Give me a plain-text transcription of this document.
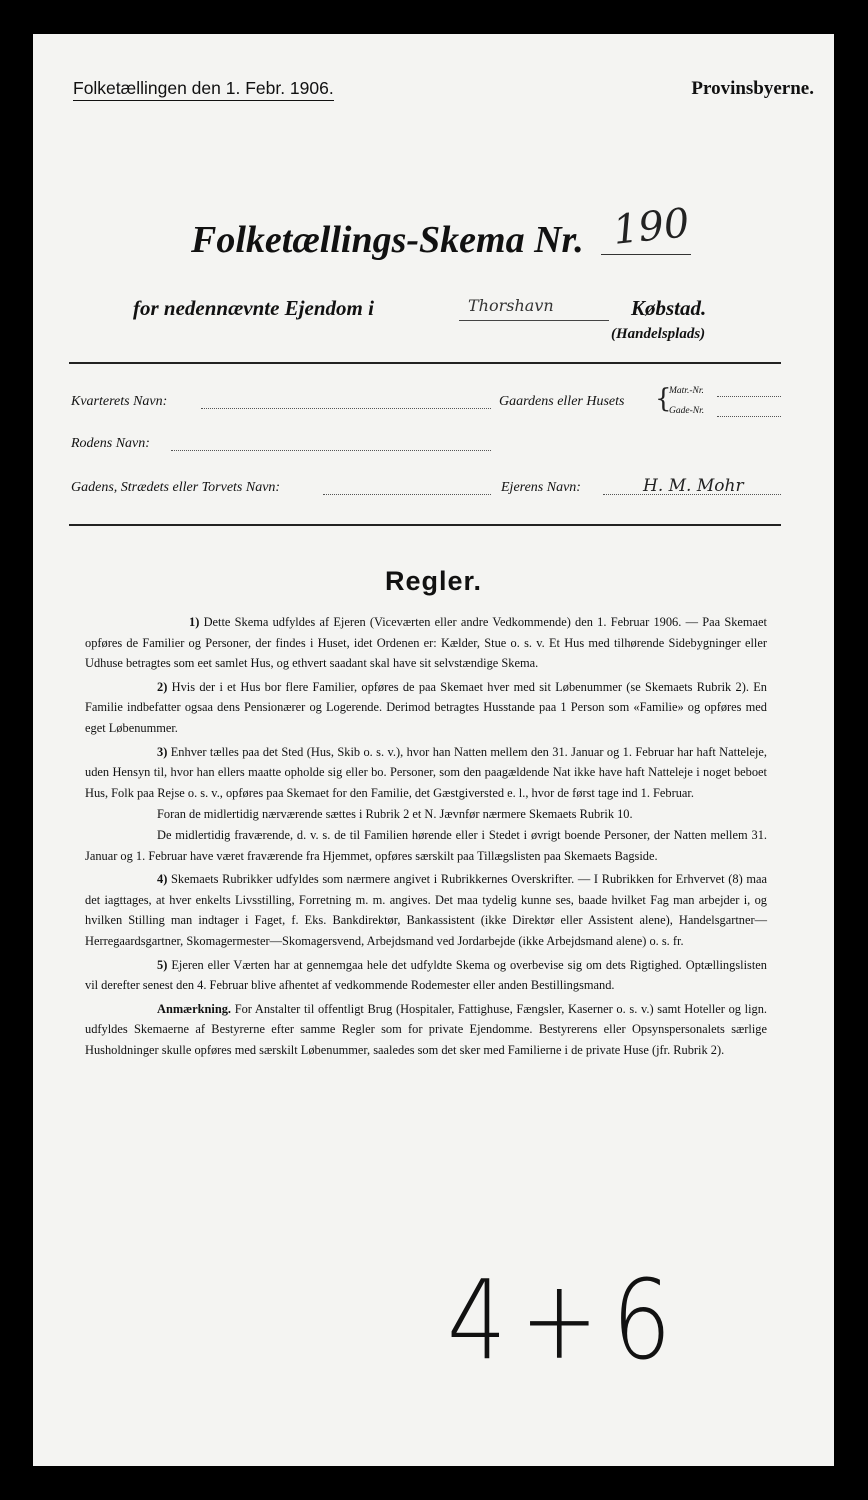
Folketællingen den 1. Febr. 1906.	Provinsbyerne.
Folketællings-Skema Nr. 190
for nedennævnte Ejendom i	Thorshavn	Købstad.
(Handelsplads)
Kvarterets Navn:	Gaardens eller Husets {
Matr.-Nr.
Gade-Nr.
Rodens Navn:
Gadens, Strædets eller Torvets Navn:	Ejerens Navn:	H. M. Mohr
Regler.

1) Dette Skema udfyldes af Ejeren (Viceværten eller andre Vedkommende) den 1. Februar 1906. — Paa Skemaet opføres de Familier og Personer, der findes i Huset, idet Ordenen er: Kælder, Stue o. s. v. Et Hus med tilhørende Sidebygninger eller Udhuse betragtes som eet samlet Hus, og ethvert saadant skal have sit selvstændige Skema.

2) Hvis der i et Hus bor flere Familier, opføres de paa Skemaet hver med sit Løbenummer (se Skemaets Rubrik 2). En Familie indbefatter ogsaa dens Pensionærer og Logerende. Derimod betragtes Husstande paa 1 Person som «Familie» og opføres med eget Løbenummer.

3) Enhver tælles paa det Sted (Hus, Skib o. s. v.), hvor han Natten mellem den 31. Januar og 1. Februar har haft Natteleje, uden Hensyn til, hvor han ellers maatte opholde sig eller bo. Personer, som den paagældende Nat ikke have haft Natteleje i noget beboet Hus, Folk paa Rejse o. s. v., opføres paa Skemaet for den Familie, det Gæstgiversted e. l., hvor de først tage ind 1. Februar.

Foran de midlertidig nærværende sættes i Rubrik 2 et N. Jævnfør nærmere Skemaets Rubrik 10.

De midlertidig fraværende, d. v. s. de til Familien hørende eller i Stedet i øvrigt boende Personer, der Natten mellem 31. Januar og 1. Februar have været fraværende fra Hjemmet, opføres særskilt paa Tillægslisten paa Skemaets Bagside.

4) Skemaets Rubrikker udfyldes som nærmere angivet i Rubrikkernes Overskrifter. — I Rubrikken for Erhvervet (8) maa det iagttages, at hver enkelts Livsstilling, Forretning m. m. angives. Det maa tydelig kunne ses, baade hvilket Fag man arbejder i, og hvilken Stilling man indtager i Faget, f. Eks. Bankdirektør, Bankassistent (ikke Direktør eller Assistent alene), Handelsgartner—Herregaardsgartner, Skomagermester—Skomagersvend, Arbejdsmand ved Jordarbejde (ikke Arbejdsmand alene) o. s. fr.

5) Ejeren eller Værten har at gennemgaa hele det udfyldte Skema og overbevise sig om dets Rigtighed. Optællingslisten vil derefter senest den 4. Februar blive afhentet af vedkommende Rodemester eller anden Bestillingsmand.

Anmærkning. For Anstalter til offentligt Brug (Hospitaler, Fattighuse, Fængsler, Kaserner o. s. v.) samt Hoteller og lign. udfyldes Skemaerne af Bestyrerne efter samme Regler som for private Ejendomme. Bestyrerens eller Opsynspersonalets særlige Husholdninger skulle opføres med særskilt Løbenummer, saaledes som det sker med Familierne i de private Huse (jfr. Rubrik 2).

4+6
